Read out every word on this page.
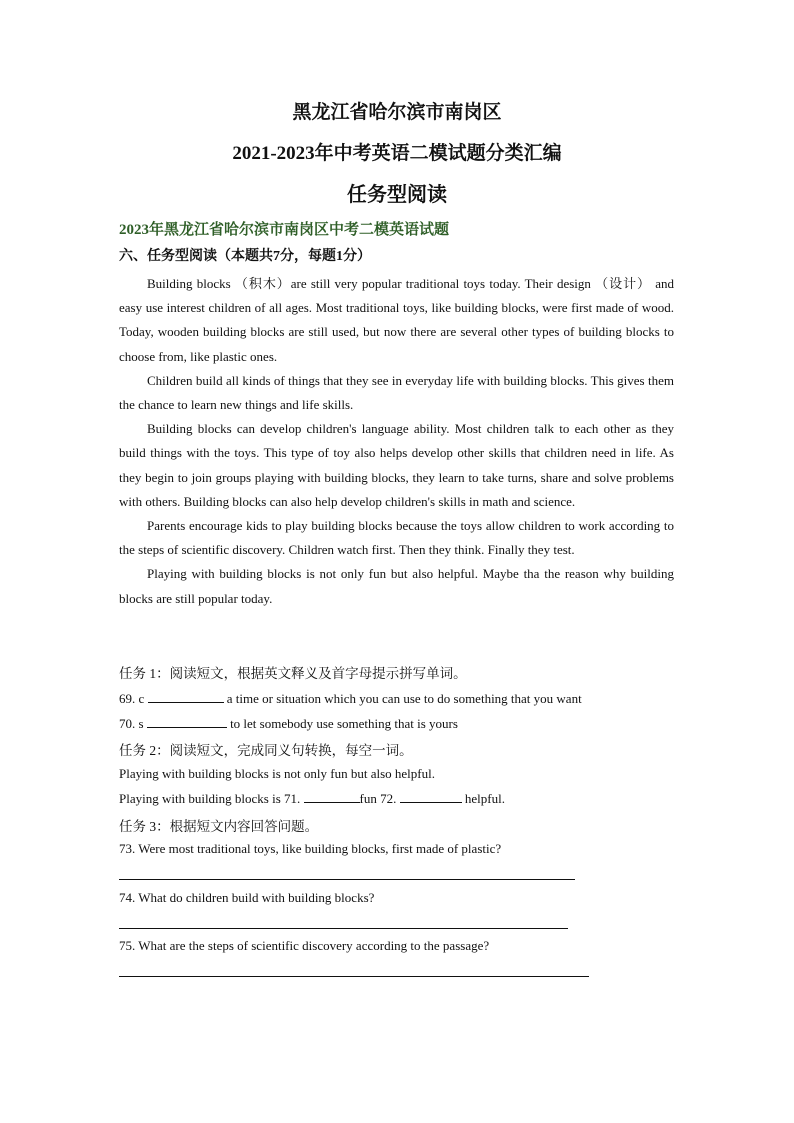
黑龙江省哈尔滨市南岗区
2021-2023年中考英语二模试题分类汇编
任务型阅读
2023年黑龙江省哈尔滨市南岗区中考二模英语试题
六、任务型阅读（本题共7分，每题1分）

Building blocks （积木）are still very popular traditional toys today. Their design （设计） and easy use interest children of all ages. Most traditional toys, like building blocks, were first made of wood. Today, wooden building blocks are still used, but now there are several other types of building blocks to choose from, like plastic ones.

Children build all kinds of things that they see in everyday life with building blocks. This gives them the chance to learn new things and life skills.

Building blocks can develop children's language ability. Most children talk to each other as they build things with the toys. This type of toy also helps develop other skills that children need in life. As they begin to join groups playing with building blocks, they learn to take turns, share and solve problems with others. Building blocks can also help develop children's skills in math and science.

Parents encourage kids to play building blocks because the toys allow children to work according to the steps of scientific discovery. Children watch first. Then they think. Finally they test.

Playing with building blocks is not only fun but also helpful. Maybe tha the reason why building blocks are still popular today.

任务 1：阅读短文，根据英文释义及首字母提示拼写单词。
69. c	a time or situation which you can use to do something that you want
70. s	to let somebody use something that is yours
任务 2：阅读短文，完成同义句转换，每空一词。
Playing with building blocks is not only fun but also helpful.
Playing with building blocks is 71.	fun 72.	helpful.
任务 3：根据短文内容回答问题。
73. Were most traditional toys, like building blocks, first made of plastic?
74. What do children build with building blocks?
75. What are the steps of scientific discovery according to the passage?
